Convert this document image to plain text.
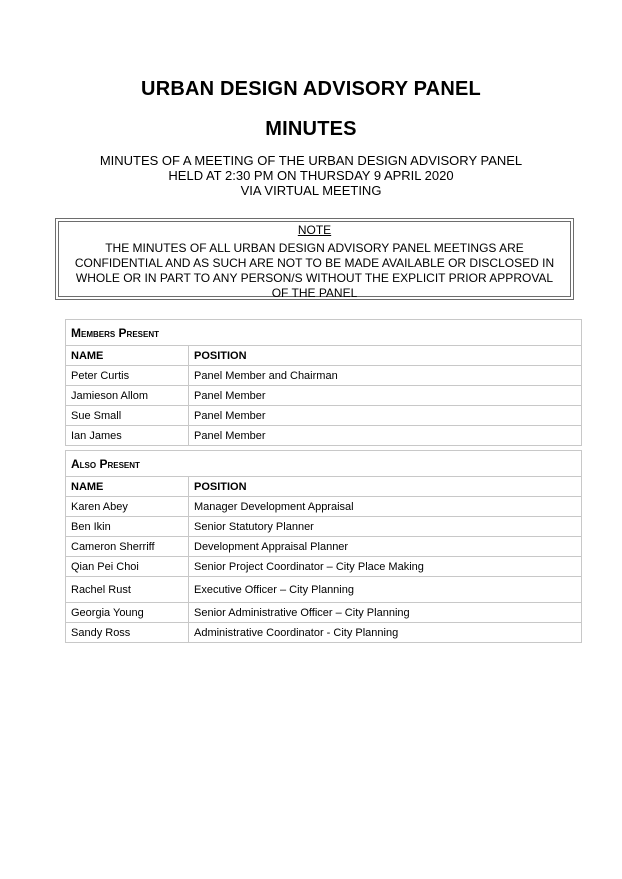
URBAN DESIGN ADVISORY PANEL
MINUTES
MINUTES OF A MEETING OF THE URBAN DESIGN ADVISORY PANEL
HELD AT 2:30 PM ON THURSDAY 9 APRIL 2020
VIA VIRTUAL MEETING
NOTE
THE MINUTES OF ALL URBAN DESIGN ADVISORY PANEL MEETINGS ARE
CONFIDENTIAL AND AS SUCH ARE NOT TO BE MADE AVAILABLE OR DISCLOSED IN
WHOLE OR IN PART TO ANY PERSON/S WITHOUT THE EXPLICIT PRIOR APPROVAL
OF THE PANEL
Members Present	
NAME	POSITION
Peter Curtis	Panel Member and Chairman
Jamieson Allom	Panel Member
Sue Small	Panel Member
Ian James	Panel Member
Also Present	
NAME	POSITION
Karen Abey	Manager Development Appraisal
Ben Ikin	Senior Statutory Planner
Cameron Sherriff	Development Appraisal Planner
Qian Pei Choi	Senior Project Coordinator – City Place Making
Rachel Rust	Executive Officer – City Planning
Georgia Young	Senior Administrative Officer – City Planning
Sandy Ross	Administrative Coordinator - City Planning
